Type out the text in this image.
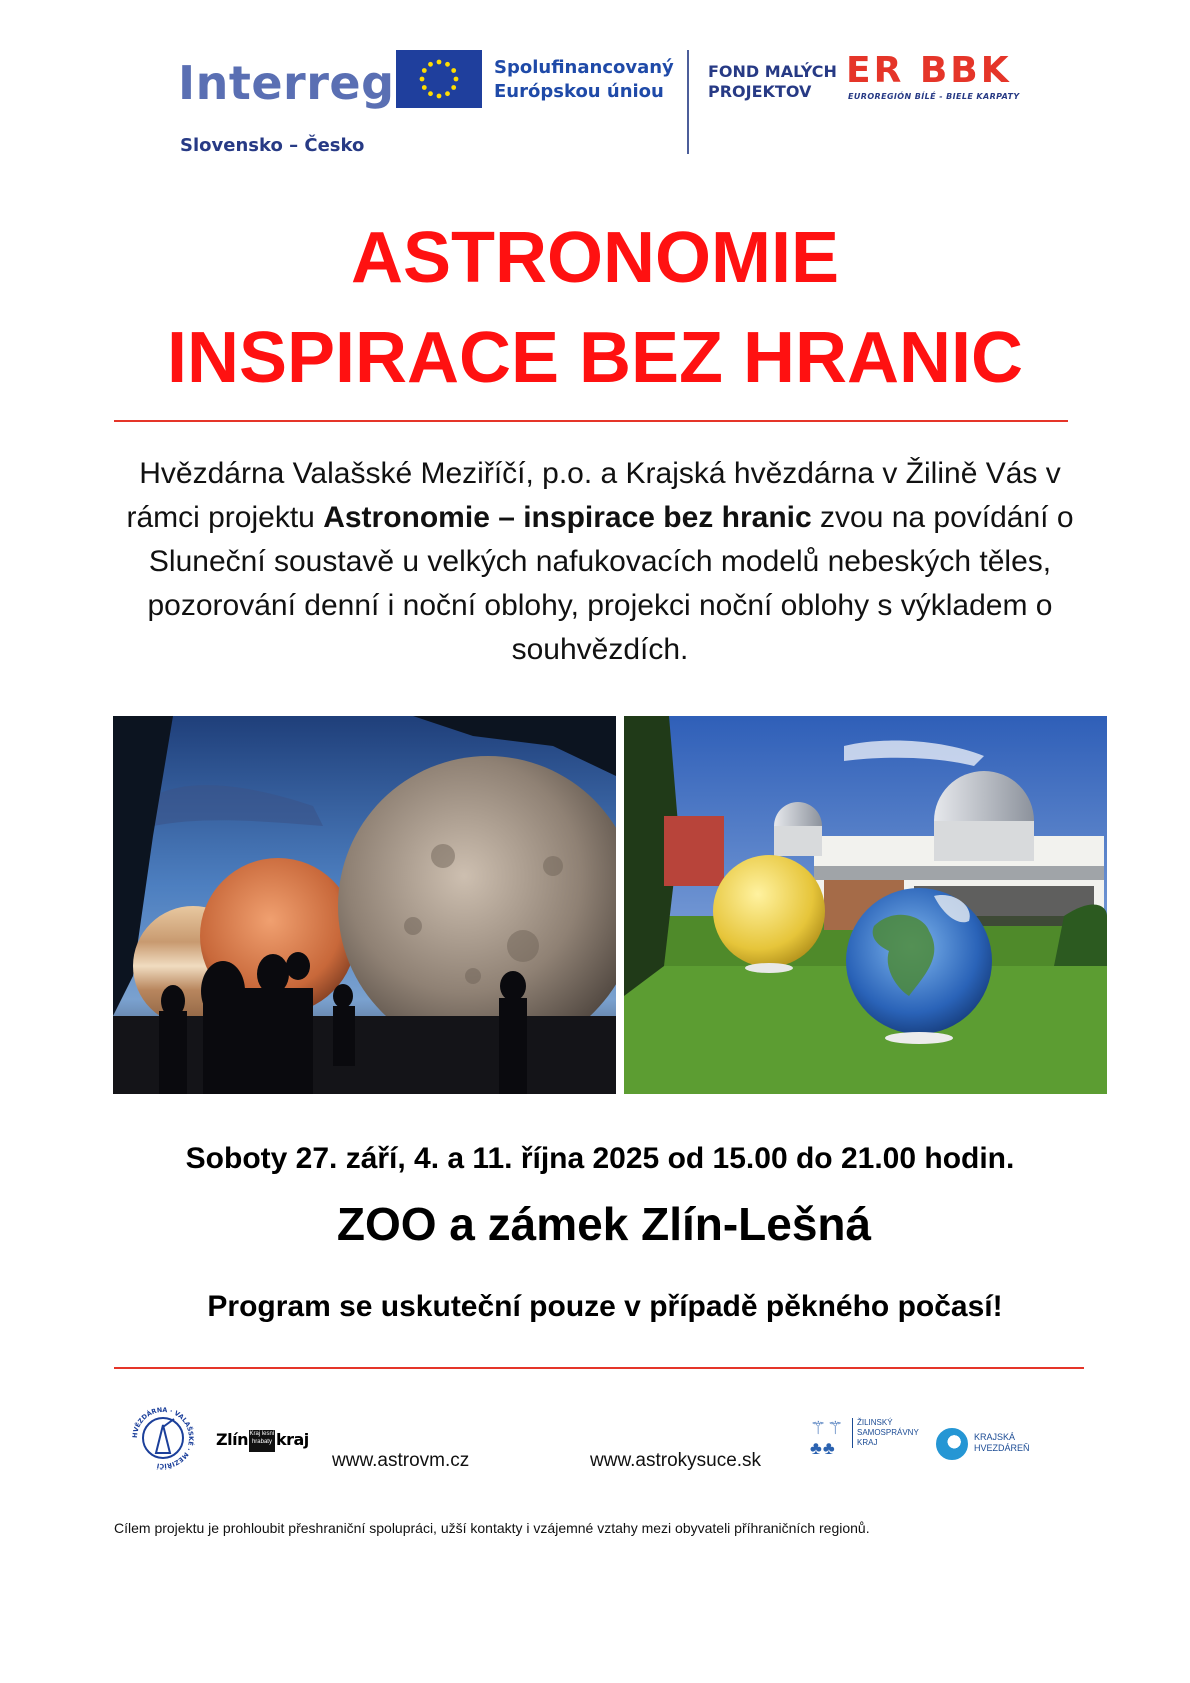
Interreg
Slovensko – Česko
Spolufinancovaný
Európskou úniou
FOND MALÝCH
PROJEKTOV
ER BBK
EUROREGIÓN BÍLÉ - BIELE KARPATY
ASTRONOMIE
INSPIRACE BEZ HRANIC
Hvězdárna Valašské Meziříčí, p.o. a Krajská hvězdárna v Žilině Vás v rámci projektu Astronomie – inspirace bez hranic zvou na povídání o Sluneční soustavě u velkých nafukovacích modelů nebeských těles, pozorování denní i noční oblohy, projekci noční oblohy s výkladem o souhvězdích.
Soboty 27. září, 4. a 11. října 2025 od 15.00 do 21.00 hodin.
ZOO a zámek Zlín-Lešná
Program se uskuteční pouze v případě pěkného počasí!
HVĚZDÁRNA · VALAŠSKÉ · MEZIŘÍČÍ
ZlínKraj lesní hrabaty kraj
www.astrovm.cz	www.astrokysuce.sk
⚚⚚
♣♣
ŽILINSKÝ
SAMOSPRÁVNY
KRAJ
KRAJSKÁ
HVEZDÁREŇ
Cílem projektu je prohloubit přeshraniční spolupráci, užší kontakty i vzájemné vztahy mezi obyvateli příhraničních regionů.
